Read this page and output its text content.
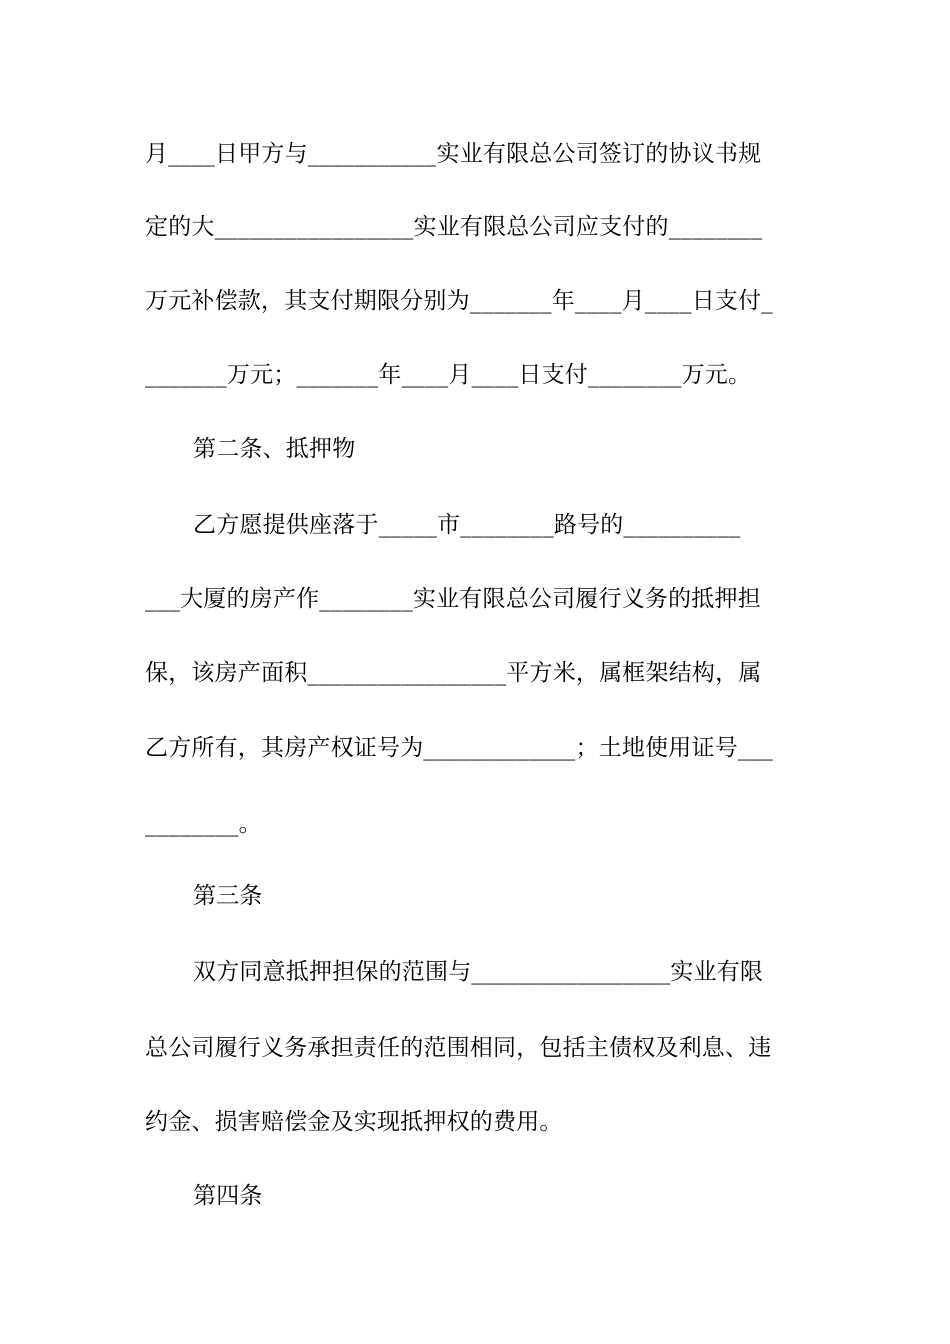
月____日甲方与___________实业有限总公司签订的协议书规
定的大_________________实业有限总公司应支付的________
万元补偿款，其支付期限分别为_______年____月____日支付_
_______万元；_______年____月____日支付________万元。
第二条、抵押物
乙方愿提供座落于_____市________路号的__________
___大厦的房产作________实业有限总公司履行义务的抵押担
保，该房产面积_________________平方米，属框架结构，属
乙方所有，其房产权证号为_____________；土地使用证号___
________。
第三条
双方同意抵押担保的范围与_________________实业有限
总公司履行义务承担责任的范围相同，包括主债权及利息、违
约金、损害赔偿金及实现抵押权的费用。
第四条
